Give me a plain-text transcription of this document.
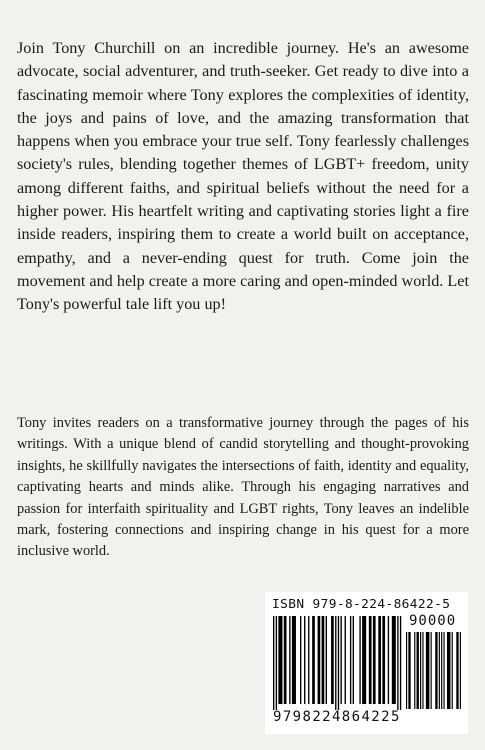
Join Tony Churchill on an incredible journey. He's an awesome advocate, social adventurer, and truth-seeker. Get ready to dive into a fascinating memoir where Tony explores the complexities of identity, the joys and pains of love, and the amazing transformation that happens when you embrace your true self. Tony fearlessly challenges society's rules, blending together themes of LGBT+ freedom, unity among different faiths, and spiritual beliefs without the need for a higher power. His heartfelt writing and captivating stories light a fire inside readers, inspiring them to create a world built on acceptance, empathy, and a never-ending quest for truth. Come join the movement and help create a more caring and open-minded world. Let Tony's powerful tale lift you up!

Tony invites readers on a transformative journey through the pages of his writings. With a unique blend of candid storytelling and thought-provoking insights, he skillfully navigates the intersections of faith, identity and equality, captivating hearts and minds alike. Through his engaging narratives and passion for interfaith spirituality and LGBT rights, Tony leaves an indelible mark, fostering connections and inspiring change in his quest for a more inclusive world.

ISBN 979-8-224-86422-5
90000
9798224864225
